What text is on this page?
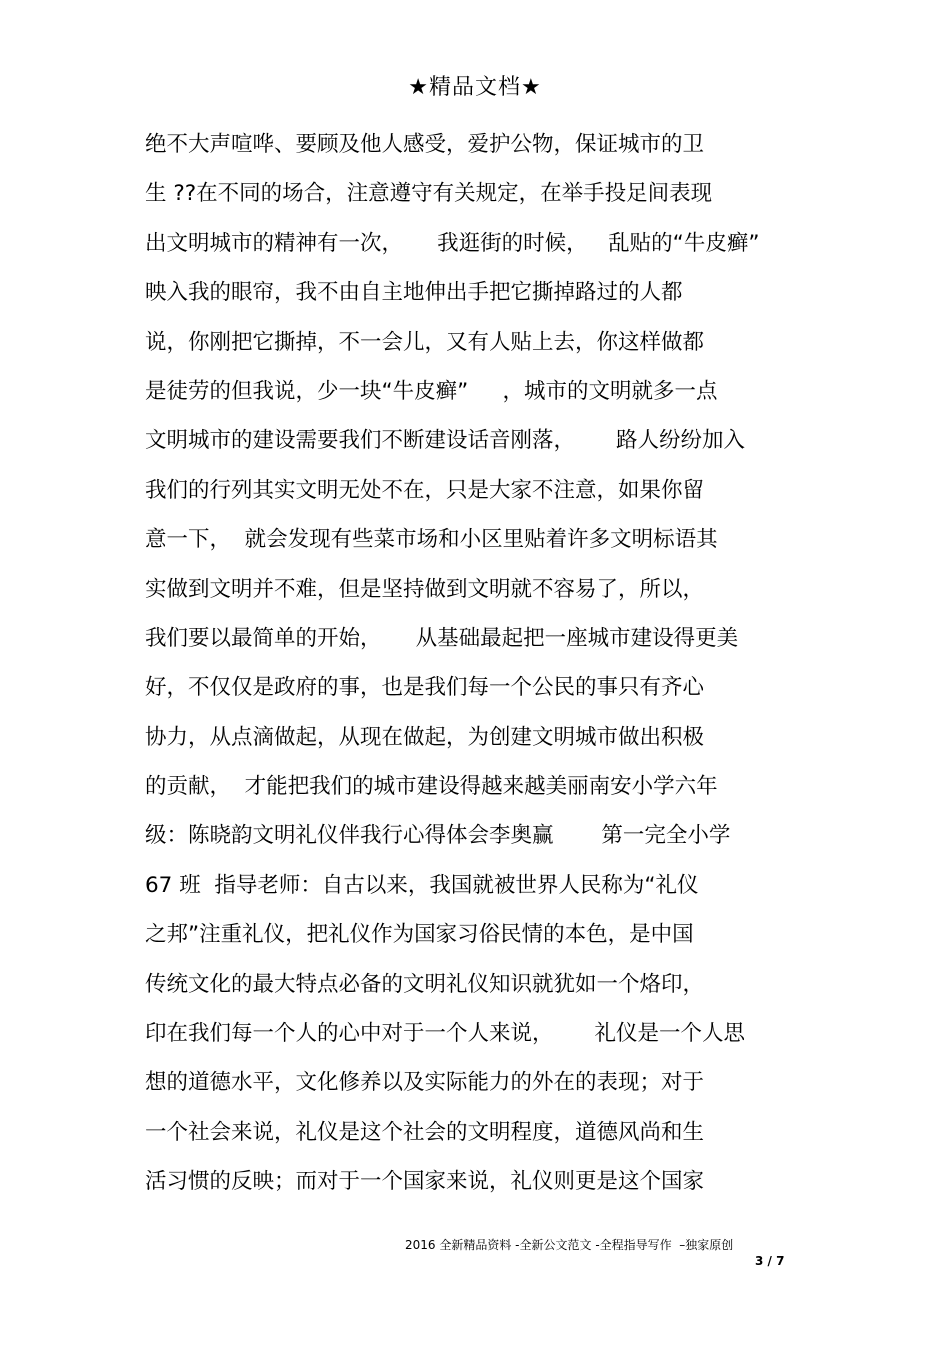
★精品文档★
绝不大声喧哗、要顾及他人感受，爱护公物，保证城市的卫
生 ??在不同的场合，注意遵守有关规定，在举手投足间表现
出文明城市的精神有一次，     我逛街的时候，   乱贴的“牛皮癣”
映入我的眼帘，我不由自主地伸出手把它撕掉路过的人都
说，你刚把它撕掉，不一会儿，又有人贴上去，你这样做都
是徒劳的但我说，少一块“牛皮癣”     ，城市的文明就多一点
文明城市的建设需要我们不断建设话音刚落，      路人纷纷加入
我们的行列其实文明无处不在，只是大家不注意，如果你留
意一下，  就会发现有些菜市场和小区里贴着许多文明标语其
实做到文明并不难，但是坚持做到文明就不容易了，所以，
我们要以最简单的开始，     从基础最起把一座城市建设得更美
好，不仅仅是政府的事，也是我们每一个公民的事只有齐心
协力，从点滴做起，从现在做起，为创建文明城市做出积极
的贡献，  才能把我们的城市建设得越来越美丽南安小学六年
级：陈晓韵文明礼仪伴我行心得体会李奥赢       第一完全小学
67 班  指导老师：自古以来，我国就被世界人民称为“礼仪
之邦”注重礼仪，把礼仪作为国家习俗民情的本色，是中国
传统文化的最大特点必备的文明礼仪知识就犹如一个烙印，
印在我们每一个人的心中对于一个人来说，      礼仪是一个人思
想的道德水平，文化修养以及实际能力的外在的表现；对于
一个社会来说，礼仪是这个社会的文明程度，道德风尚和生
活习惯的反映；而对于一个国家来说，礼仪则更是这个国家
2016 全新精品资料 -全新公文范文 -全程指导写作  –独家原创
3 / 7
